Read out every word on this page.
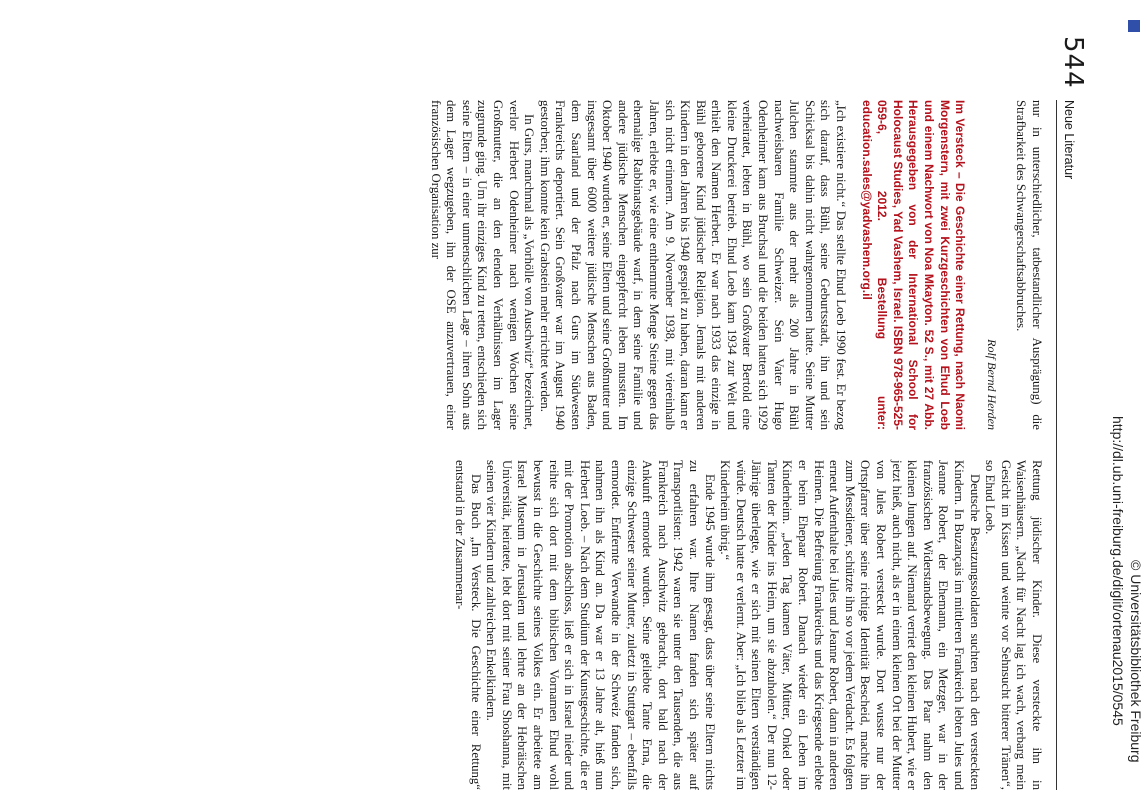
544
Neue Literatur

nur in unterschiedlicher, tatbestandlicher Ausprägung) die Strafbarkeit des Schwangerschaftsabbruches.

Rolf Bernd Herden

Im Versteck – Die Geschichte einer Rettung, nach Naomi Morgenstern, mit zwei Kurzgeschichten von Ehud Loeb und einem Nachwort von Noa Mkayton. 52 S., mit 27 Abb. Herausgegeben von der International School for Holocaust Studies, Yad Vashem, Israel. ISBN 978-965-525-059-6, 2012. Bestellung unter: education.sales@yadvashem.org.il

„Ich existiere nicht.“ Das stellte Ehud Loeb 1990 fest. Er bezog sich darauf, dass Bühl, seine Geburtsstadt, ihn und sein Schicksal bis dahin nicht wahrgenommen hatte. Seine Mutter Julchen stammte aus der mehr als 200 Jahre in Bühl nachweisbaren Familie Schweizer. Sein Vater Hugo Odenheimer kam aus Bruchsal und die beiden hatten sich 1929 verheiratet, lebten in Bühl, wo sein Großvater Bertold eine kleine Druckerei betrieb. Ehud Loeb kam 1934 zur Welt und erhielt den Namen Herbert. Er war nach 1933 das einzige in Bühl geborene Kind jüdischer Religion. Jemals mit anderen Kindern in den Jahren bis 1940 gespielt zu haben, daran kann er sich nicht erinnern. Am 9. November 1938, mit viereinhalb Jahren, erlebte er, wie eine enthemmte Menge Steine gegen das ehemalige Rabbinatsgebäude warf, in dem seine Familie und andere jüdische Menschen eingepfercht leben mussten. Im Oktober 1940 wurden er, seine Eltern und seine Großmutter und insgesamt über 6000 weitere jüdische Menschen aus Baden, dem Saarland und der Pfalz nach Gurs im Südwesten Frankreichs deportiert. Sein Großvater war im August 1940 gestorben; ihm konnte kein Grabstein mehr errichtet werden.

In Gurs, manchmal als „Vorhölle von Auschwitz“ bezeichnet, verlor Herbert Odenheimer nach wenigen Wochen seine Großmutter, die an den elenden Verhältnissen im Lager zugrunde ging. Um ihr einziges Kind zu retten, entschieden sich seine Eltern – in einer unmenschlichen Lage – ihren Sohn aus dem Lager wegzugeben, ihn der OSE anzuvertrauen, einer französischen Organisation zur

Rettung jüdischer Kinder. Diese versteckte ihn in Waisenhäusern. „Nacht für Nacht lag ich wach, verbarg mein Gesicht im Kissen und weinte vor Sehnsucht bitterer Tränen“, so Ehud Loeb.

Deutsche Besatzungssoldaten suchten nach den versteckten Kindern. In Buzançais im mittleren Frankreich lebten Jules und Jeanne Robert, der Ehemann, ein Metzger, war in der französischen Widerstandsbewegung. Das Paar nahm den kleinen Jungen auf. Niemand verriet den kleinen Hubert, wie er jetzt hieß, auch nicht, als er in einem kleinen Ort bei der Mutter von Jules Robert versteckt wurde. Dort wusste nur der Ortspfarrer über seine richtige Identität Bescheid, machte ihn zum Messdiener, schützte ihn so vor jedem Verdacht. Es folgten erneut Aufenthalte bei Jules und Jeanne Robert, dann in anderen Heimen. Die Befreiung Frankreichs und das Kriegsende erlebte er beim Ehepaar Robert. Danach wieder ein Leben im Kinderheim. „Jeden Tag kamen Väter, Mütter, Onkel oder Tanten der Kinder ins Heim, um sie abzuholen.“ Der nun 12-Jährige überlegte, wie er sich mit seinen Eltern verständigen würde. Deutsch hatte er verlernt. Aber: „Ich blieb als Letzter im Kinderheim übrig.“

Ende 1945 wurde ihm gesagt, dass über seine Eltern nichts zu erfahren war. Ihre Namen fanden sich später auf Transportlisten: 1942 waren sie unter den Tausenden, die aus Frankreich nach Auschwitz gebracht, dort bald nach der Ankunft ermordet wurden. Seine geliebte Tante Erna, die einzige Schwester seiner Mutter, zuletzt in Stuttgart – ebenfalls ermordet. Entfernte Verwandte in der Schweiz fanden sich, nahmen ihn als Kind an. Da war er 13 Jahre alt, hieß nun Herbert Loeb. – Nach dem Studium der Kunstgeschichte, die er mit der Promotion abschloss, ließ er sich in Israel nieder und reihte sich dort mit dem biblischen Vornamen Ehud wohl bewusst in die Geschichte seines Volkes ein. Er arbeitete am Israel Museum in Jerusalem und lehrte an der Hebräischen Universität, heiratete, lebt dort mit seiner Frau Shoshanna, mit seinen vier Kindern und zahlreichen Enkelkindern.

Das Buch „Im Versteck. Die Geschichte einer Rettung“ entstand in der Zusammenar-

© Universitätsbibliothek Freiburg
http://dl.ub.uni-freiburg.de/diglit/ortenau2015/0545
